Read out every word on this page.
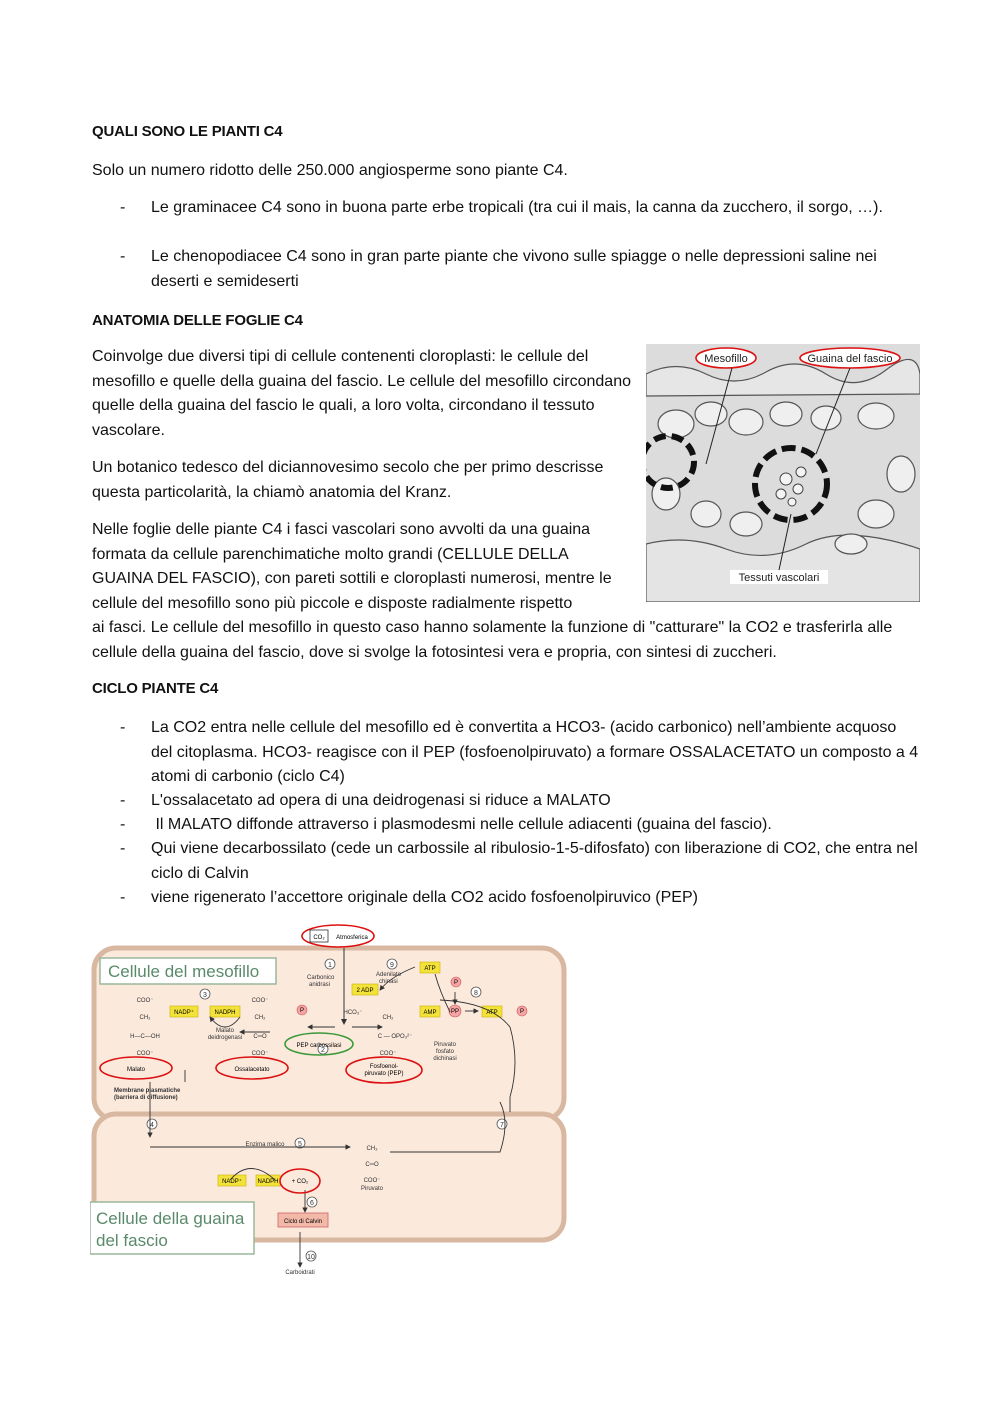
QUALI SONO LE PIANTI C4
Solo un numero ridotto delle 250.000 angiosperme sono piante C4.
- Le graminacee C4 sono in buona parte erbe tropicali (tra cui il mais, la canna da zucchero, il sorgo, …).
- Le chenopodiacee C4 sono in gran parte piante che vivono sulle spiagge o nelle depressioni saline nei deserti e semideserti
ANATOMIA DELLE FOGLIE C4
Coinvolge due diversi tipi di cellule contenenti cloroplasti: le cellule del mesofillo e quelle della guaina del fascio. Le cellule del mesofillo circondano quelle della guaina del fascio le quali, a loro volta, circondano il tessuto vascolare.
Un botanico tedesco del diciannovesimo secolo che per primo descrisse questa particolarità, la chiamò anatomia del Kranz.
Nelle foglie delle piante C4 i fasci vascolari sono avvolti da una guaina formata da cellule parenchimatiche molto grandi (CELLULE DELLA GUAINA DEL FASCIO), con pareti sottili e cloroplasti numerosi, mentre le cellule del mesofillo sono più piccole e disposte radialmente rispetto
ai fasci. Le cellule del mesofillo in questo caso hanno solamente la funzione di "catturare" la CO2 e trasferirla alle cellule della guaina del fascio, dove si svolge la fotosintesi vera e propria, con sintesi di zuccheri.
Mesofillo	Guaina del fascio
Tessuti vascolari
CICLO PIANTE C4
- La CO2 entra nelle cellule del mesofillo ed è convertita a HCO3- (acido carbonico) nell’ambiente acquoso del citoplasma. HCO3- reagisce con il PEP (fosfoenolpiruvato) a formare OSSALACETATO un composto a 4 atomi di carbonio (ciclo C4)
- L'ossalacetato ad opera di una deidrogenasi si riduce a MALATO
- Il MALATO diffonde attraverso i plasmodesmi nelle cellule adiacenti (guaina del fascio).
- Qui viene decarbossilato (cede un carbossile al ribulosio-1-5-difosfato) con liberazione di CO2, che entra nel ciclo di Calvin
- viene rigenerato l’accettore originale della CO2 acido fosfoenolpiruvico (PEP)
Cellule del mesofillo
Cellule della guaina
del fascio
CO₂ Atmosferica
1
2
3
4
5
6
7
8
9
10
Carbonico
anidrasi
Adenilato
chinasi
ATP
2 ADP
AMP PP	ATP	P
P
P
NADP⁺	NADPH
NADP⁺	NADPH
COO⁻
CH₂
H—C—OH
COO⁻
COO⁻
CH₂
C═O
COO⁻
HCO₃⁻
CH₂
C — OPO₃²⁻
COO⁻
CH₃
C═O
COO⁻
Malato
deidrogenasi
Piruvato
fosfato
dichinasi
Enzima malico
Piruvato
Carboidrati
Membrane plasmatiche
(barriera di diffusione)
Malato	Ossalacetato	Fosfoenol-
piruvato (PEP)
PEP carbossilasi
+ CO₂
Ciclo di Calvin
